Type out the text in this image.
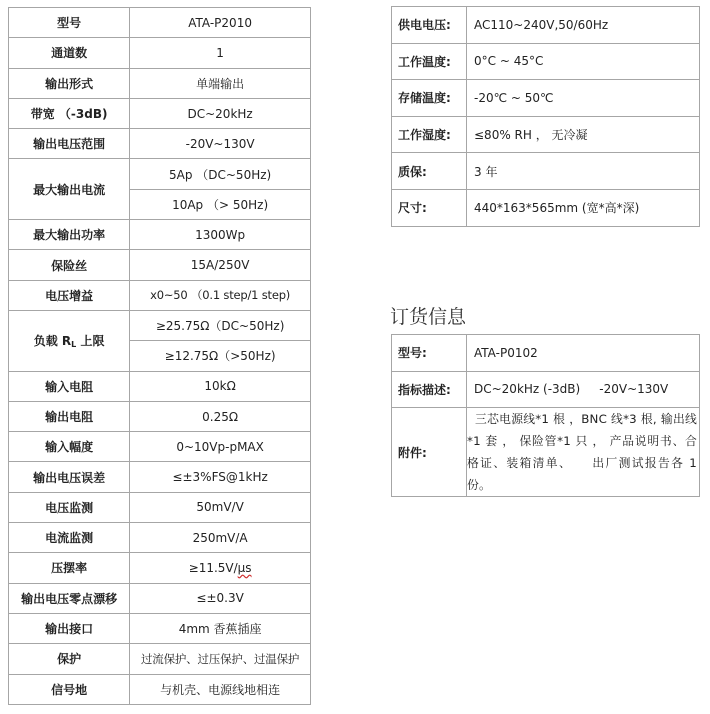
型号	ATA-P2010
通道数	1
输出形式	单端输出
带宽 （-3dB)	DC~20kHz
输出电压范围	-20V~130V
最大输出电流	5Ap （DC~50Hz)
	10Ap （> 50Hz)
最大输出功率	1300Wp
保险丝	15A/250V
电压增益	x0~50 （0.1 step/1 step)
负载 $R_L$ 上限	≥25.75Ω（DC~50Hz)
	≥12.75Ω（>50Hz)
输入电阻	10kΩ
输出电阻	0.25Ω
输入幅度	0~10Vp-pMAX
输出电压误差	≤±3%FS@1kHz
电压监测	50mV/V
电流监测	250mV/A
压摆率	≥11.5V/μs
输出电压零点漂移	≤±0.3V
输出接口	4mm 香蕉插座
保护	过流保护、过压保护、过温保护
信号地	与机壳、电源线地相连
供电电压:	AC110~240V,50/60Hz
工作温度:	0°C ~ 45°C
存储温度:	-20℃ ~ 50℃
工作湿度:	≤80% RH ， 无冷凝
质保:	3 年
尺寸:	440*163*565mm (宽*高*深)
订货信息
型号:	ATA-P0102
指标描述:	DC~20kHz (-3dB)     -20V~130V
附件:	三芯电源线*1 根 ，BNC 线*3 根, 输出线*1 套 ， 保险管*1 只 ， 产品说明书、合格证、装箱清单、    出厂测试报告各 1 份。
